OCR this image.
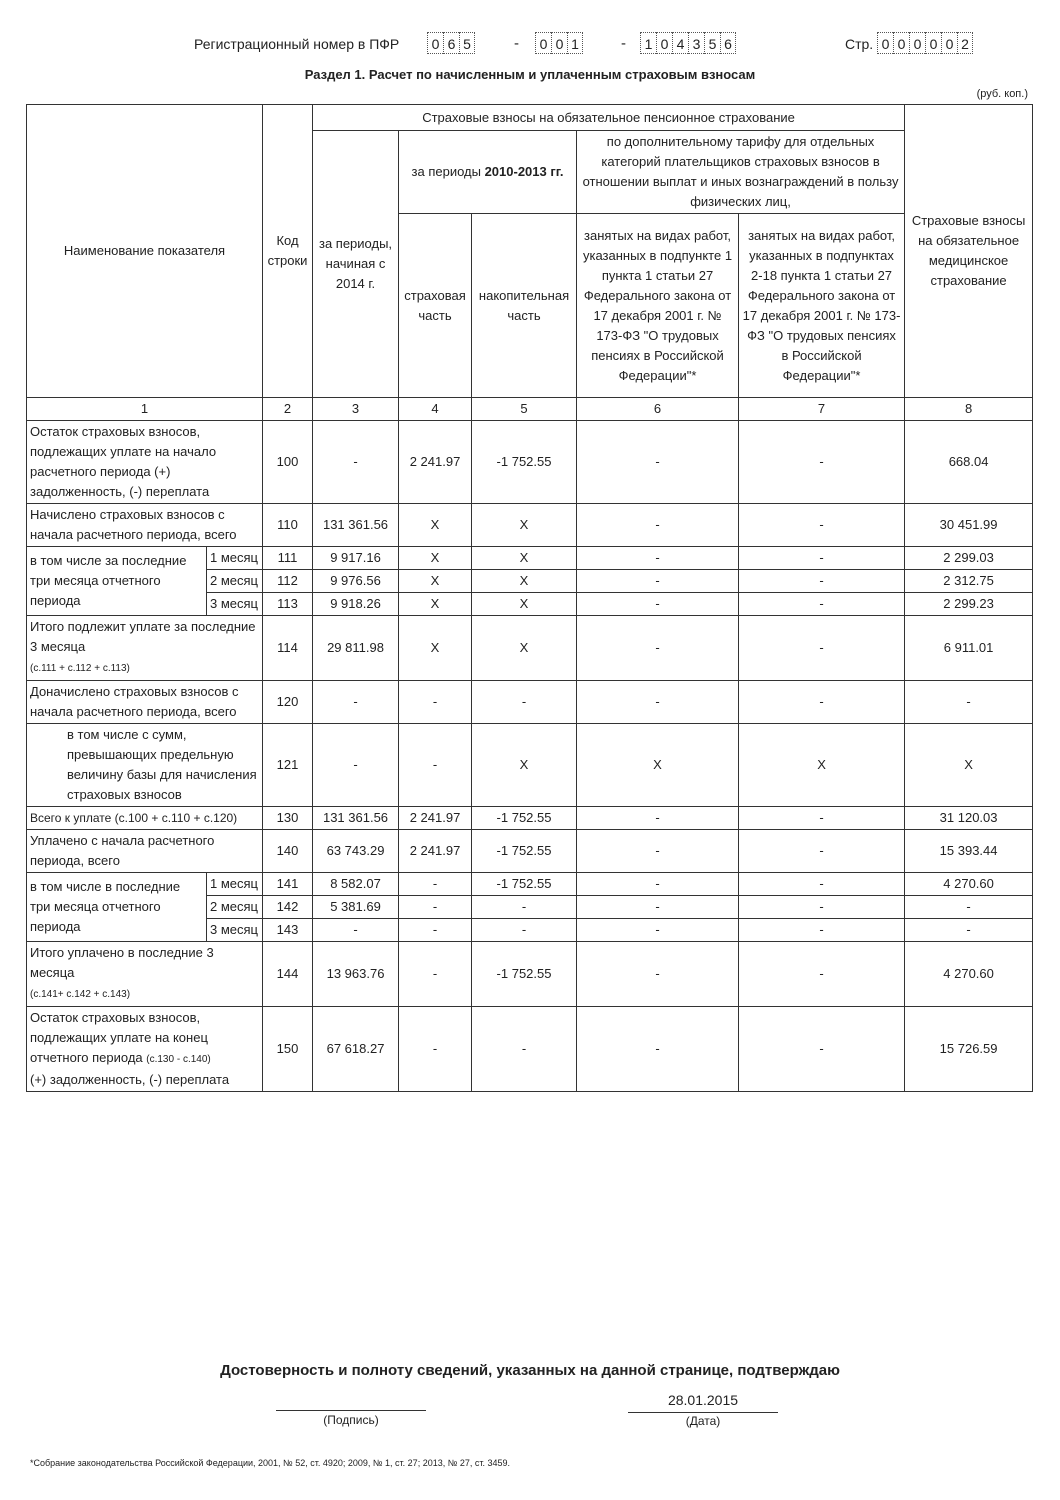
Регистрационный номер в ПФР	0 6 5	-	0 0 1	-	1 0 4 3 5 6	Стр. 0 0 0 0 0 2
Раздел 1. Расчет по начисленным и уплаченным страховым взносам
(руб. коп.)
Наименование показателя		Код строки	Страховые взносы на обязательное пенсионное страхование					Страховые взносы на обязательное медицинское страхование
			за периоды, начиная с 2014 г.	за периоды 2010-2013 гг.		по дополнительному тарифу для отдельных категорий плательщиков страховых взносов в отношении выплат и иных вознаграждений в пользу физических лиц,		
				страховая часть	накопительная часть	занятых на видах работ, указанных в подпункте 1 пункта 1 статьи 27 Федерального закона от 17 декабря 2001 г. № 173-ФЗ "О трудовых пенсиях в Российской Федерации"*	занятых на видах работ, указанных в подпунктах 2-18 пункта 1 статьи 27 Федерального закона от 17 декабря 2001 г. № 173-ФЗ "О трудовых пенсиях в Российской Федерации"*	

1		2	3	4	5	6	7	8
Остаток страховых взносов, подлежащих уплате на начало расчетного периода (+) задолженность, (-) переплата		100	-	2 241.97	-1 752.55	-	-	668.04
Начислено страховых взносов с начала расчетного периода, всего		110	131 361.56	X	X	-	-	30 451.99
в том числе за последние три месяца отчетного периода	1 месяц	111	9 917.16	X	X	-	-	2 299.03
	2 месяц	112	9 976.56	X	X	-	-	2 312.75
	3 месяц	113	9 918.26	X	X	-	-	2 299.23
Итого подлежит уплате за последние 3 месяца
(с.111 + с.112 + с.113)		114	29 811.98	X	X	-	-	6 911.01
Доначислено страховых взносов с начала расчетного периода, всего		120	-	-	-	-	-	-
в том числе с сумм, превышающих предельную величину базы для начисления страховых взносов		121	-	-	X	X	X	X
Всего к уплате (с.100 + с.110 + с.120)		130	131 361.56	2 241.97	-1 752.55	-	-	31 120.03
Уплачено с начала расчетного периода, всего		140	63 743.29	2 241.97	-1 752.55	-	-	15 393.44
в том числе в последние три месяца отчетного периода	1 месяц	141	8 582.07	-	-1 752.55	-	-	4 270.60
	2 месяц	142	5 381.69	-	-	-	-	-
	3 месяц	143	-	-	-	-	-	-
Итого уплачено в последние 3 месяца
(с.141+ с.142 + с.143)		144	13 963.76	-	-1 752.55	-	-	4 270.60
Остаток страховых взносов, подлежащих уплате на конец отчетного периода (с.130 - с.140)
(+) задолженность, (-) переплата		150	67 618.27	-	-	-	-	15 726.59
Достоверность и полноту сведений, указанных на данной странице, подтверждаю
(Подпись)
28.01.2015
(Дата)
*Собрание законодательства Российской Федерации, 2001, № 52, ст. 4920; 2009, № 1, ст. 27; 2013, № 27, ст. 3459.
